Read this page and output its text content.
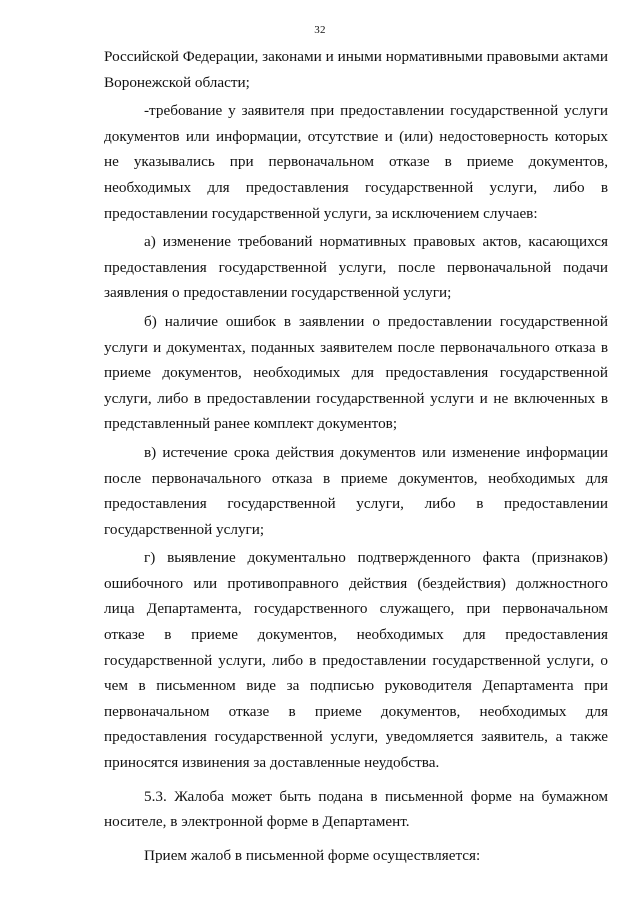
32

Российской Федерации, законами и иными нормативными правовыми актами Воронежской области;

-требование у заявителя при предоставлении государственной услуги документов или информации, отсутствие и (или) недостоверность которых не указывались при первоначальном отказе в приеме документов, необходимых для предоставления государственной услуги, либо в предоставлении государственной услуги, за исключением случаев:

а) изменение требований нормативных правовых актов, касающихся предоставления государственной услуги, после первоначальной подачи заявления о предоставлении государственной услуги;

б) наличие ошибок в заявлении о предоставлении государственной услуги и документах, поданных заявителем после первоначального отказа в приеме документов, необходимых для предоставления государственной услуги, либо в предоставлении государственной услуги и не включенных в представленный ранее комплект документов;

в) истечение срока действия документов или изменение информации после первоначального отказа в приеме документов, необходимых для предоставления государственной услуги, либо в предоставлении государственной услуги;

г) выявление документально подтвержденного факта (признаков) ошибочного или противоправного действия (бездействия) должностного лица Департамента, государственного служащего, при первоначальном отказе в приеме документов, необходимых для предоставления государственной услуги, либо в предоставлении государственной услуги, о чем в письменном виде за подписью руководителя Департамента при первоначальном отказе в приеме документов, необходимых для предоставления государственной услуги, уведомляется заявитель, а также приносятся извинения за доставленные неудобства.

5.3. Жалоба может быть подана в письменной форме на бумажном носителе, в электронной форме в Департамент.

Прием жалоб в письменной форме осуществляется:
